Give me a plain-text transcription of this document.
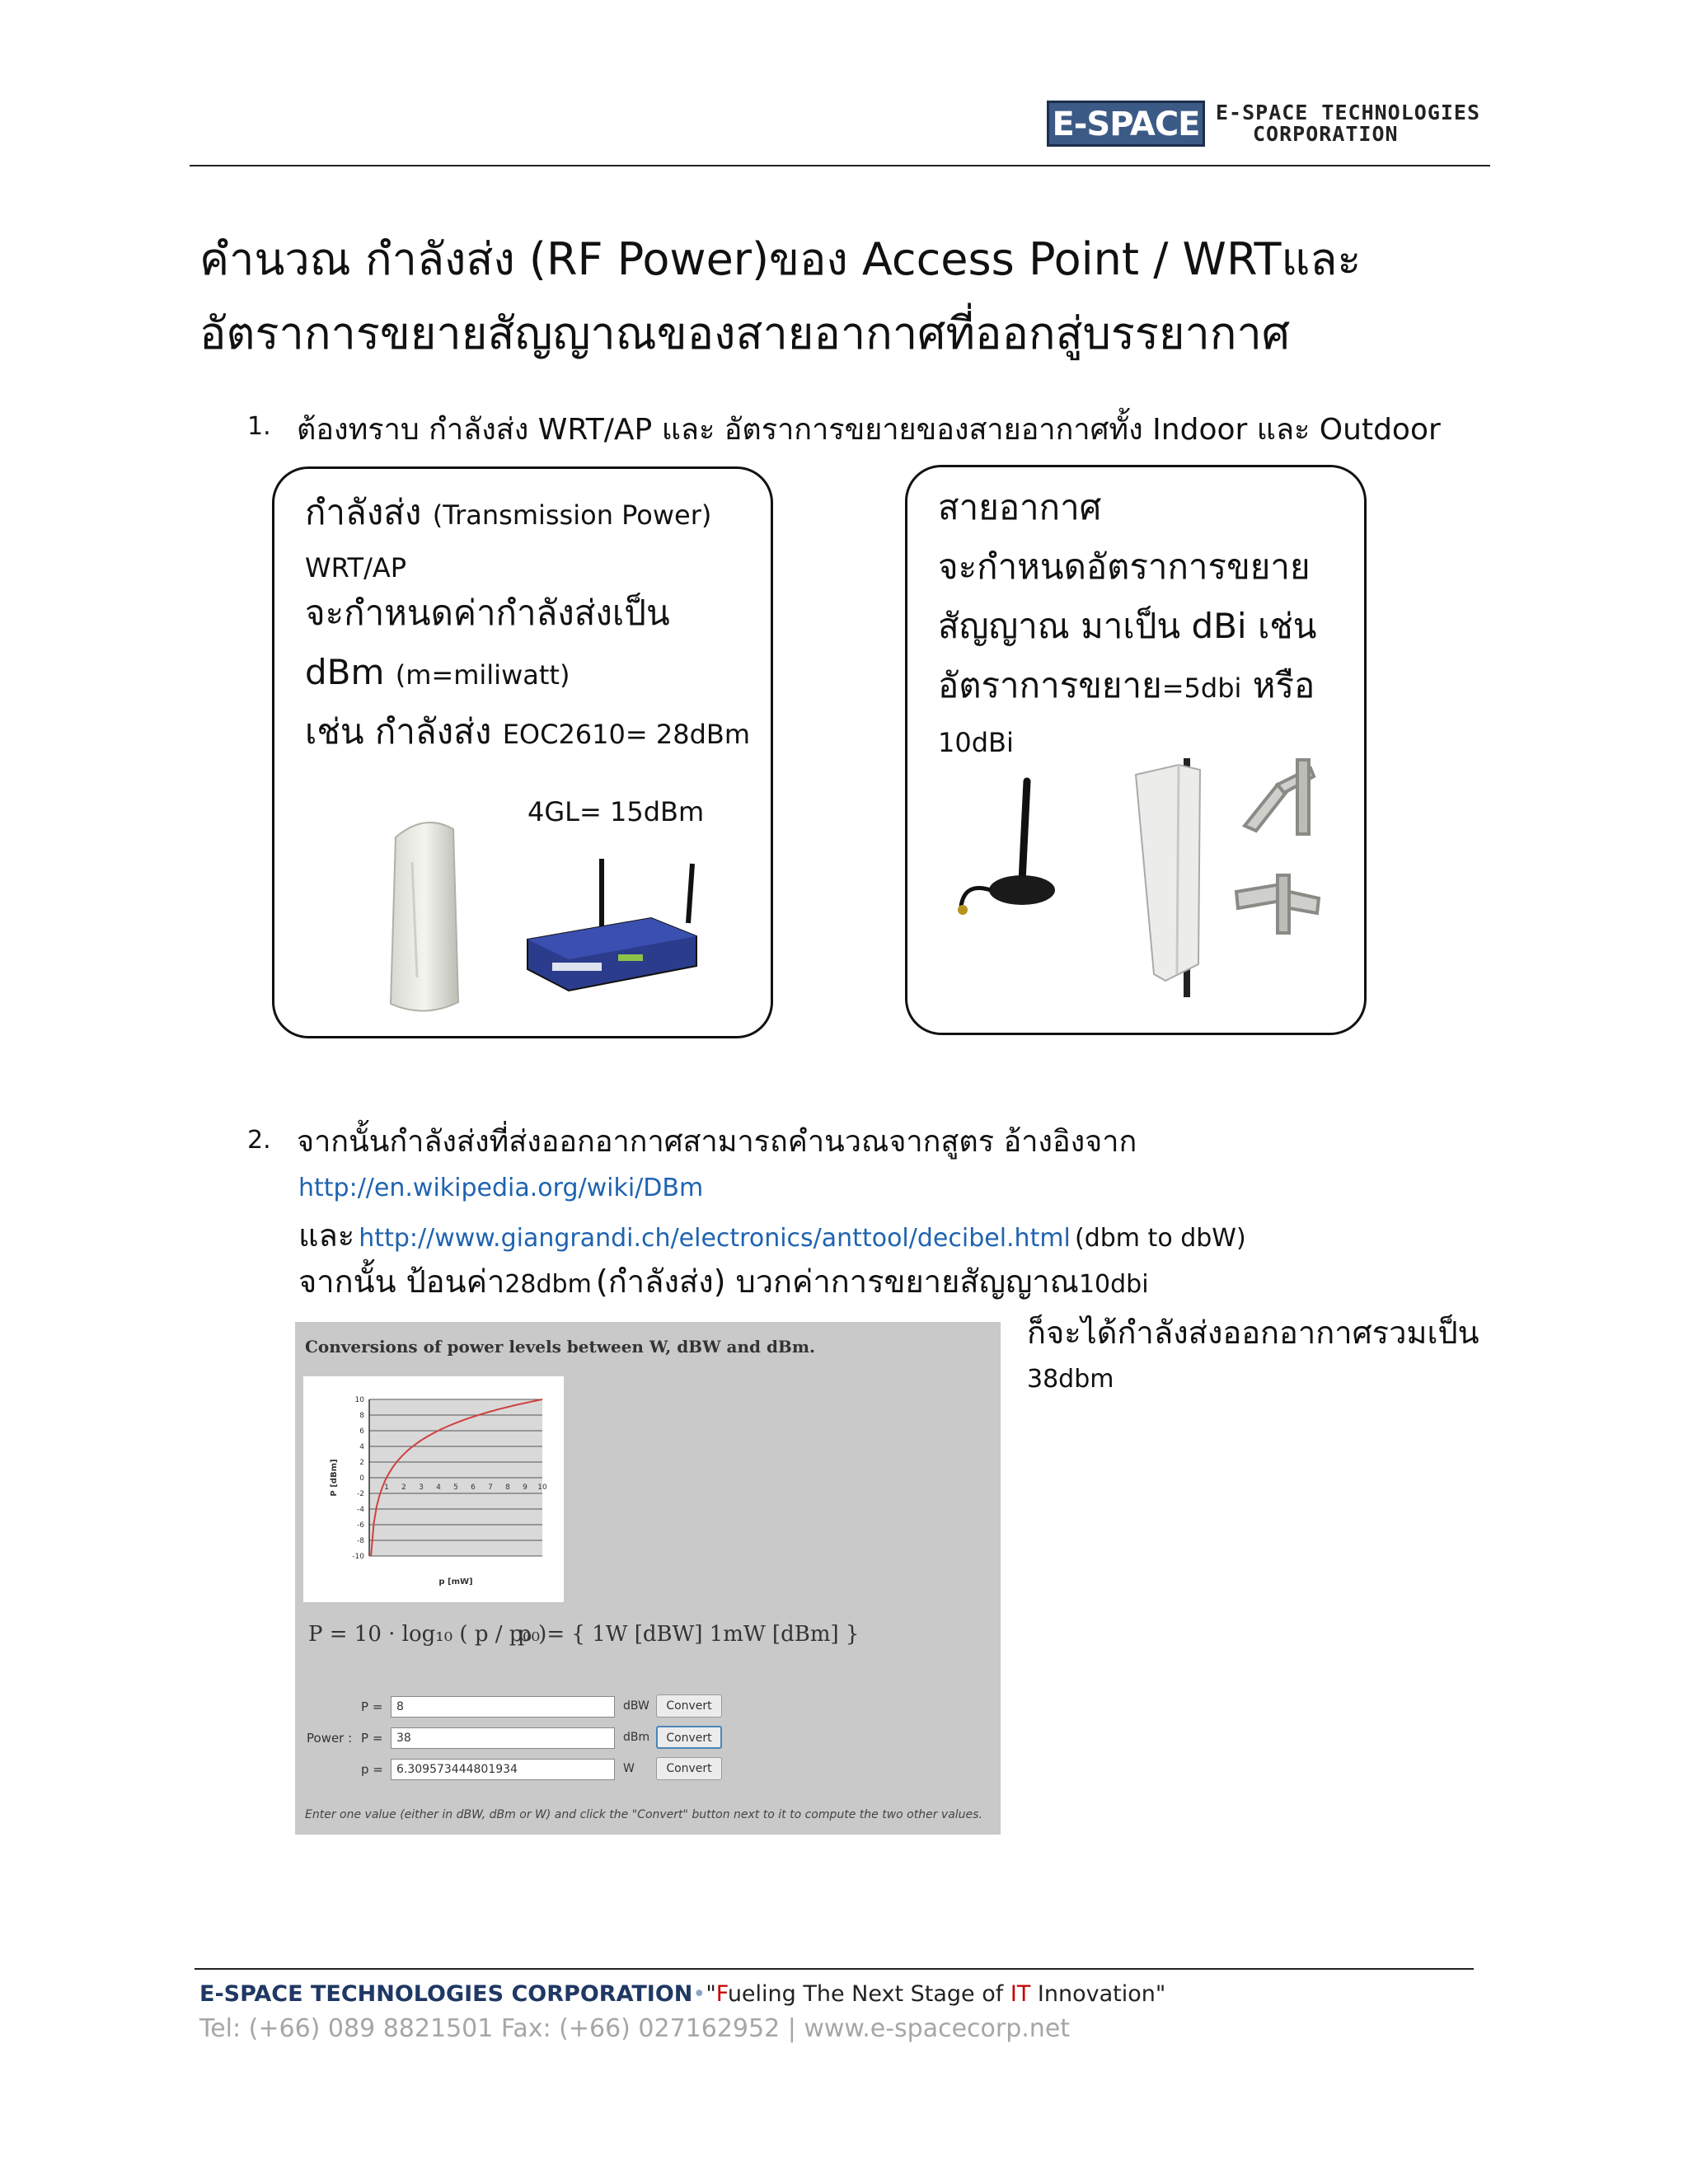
E-SPACE E-SPACE TECHNOLOGIES
CORPORATION
คำนวณ กำลังส่ง (RF Power)ของ Access Point / WRTและ
อัตราการขยายสัญญาณของสายอากาศที่ออกสู่บรรยากาศ
1. ต้องทราบ กำลังส่ง WRT/AP และ อัตราการขยายของสายอากาศทั้ง Indoor และ Outdoor
กำลังส่ง (Transmission Power)
WRT/AP
จะกำหนดค่ากำลังส่งเป็น
dBm (m=miliwatt)
เช่น กำลังส่ง EOC2610= 28dBm
4GL= 15dBm
สายอากาศ
จะกำหนดอัตราการขยาย
สัญญาณ มาเป็น dBi เช่น
อัตราการขยาย=5dbi หรือ
10dBi
2. จากนั้นกำลังส่งที่ส่งออกอากาศสามารถคำนวณจากสูตร อ้างอิงจาก
http://en.wikipedia.org/wiki/DBm
และ http://www.giangrandi.ch/electronics/anttool/decibel.html (dbm to dbW)
จากนั้น ป้อนค่า28dbm (กำลังส่ง) บวกค่าการขยายสัญญาณ10dbi
ก็จะได้กำลังส่งออกอากาศรวมเป็น
38dbm
Conversions of power levels between W, dBW and dBm.
10
8
6
4
2
0
-2
-4
-6
-8
-10
1 2 3 4 5 6 7 8 9 10
P [dBm]
p [mW]
P = 10 · log₁₀ ( p / p₀ )
p₀ = { 1W [dBW] 1mW [dBm] }
P =	8	dBW	Convert
Power : P =	38	dBm	Convert
p =	6.309573444801934	W	Convert
Enter one value (either in dBW, dBm or W) and click the "Convert" button next to it to compute the two other values.
E-SPACE TECHNOLOGIES CORPORATION•"Fueling The Next Stage of IT Innovation"
Tel: (+66) 089 8821501 Fax: (+66) 027162952 | www.e-spacecorp.net
